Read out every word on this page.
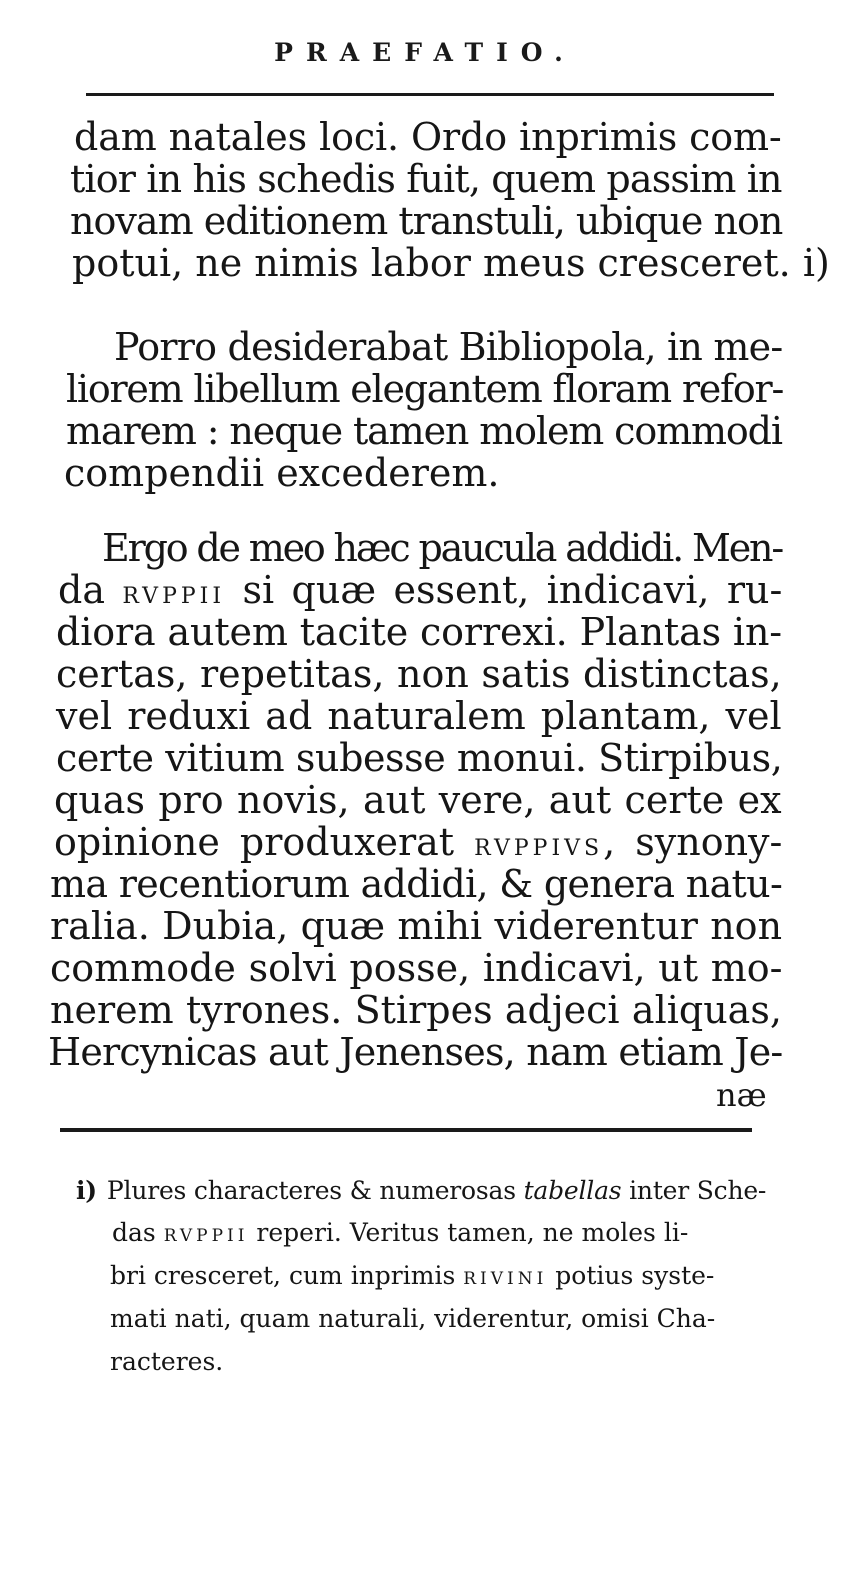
PRAEFATIO.
dam natales loci. Ordo inprimis com-
tior in his schedis fuit, quem passim in
novam editionem transtuli, ubique non
potui, ne nimis labor meus cresceret. i)
Porro desiderabat Bibliopola, in me-
liorem libellum elegantem floram refor-
marem : neque tamen molem commodi
compendii excederem.
Ergo de meo hæc paucula addidi. Men-
da RVPPII si quæ essent, indicavi, ru-
diora autem tacite correxi. Plantas in-
certas, repetitas, non satis distinctas,
vel reduxi ad naturalem plantam, vel
certe vitium subesse monui. Stirpibus,
quas pro novis, aut vere, aut certe ex
opinione produxerat RVPPIVS, synony-
ma recentiorum addidi, & genera natu-
ralia. Dubia, quæ mihi viderentur non
commode solvi posse, indicavi, ut mo-
nerem tyrones. Stirpes adjeci aliquas,
Hercynicas aut Jenenses, nam etiam Je-
næ
i) Plures characteres & numerosas tabellas inter Sche-
das RVPPII reperi. Veritus tamen, ne moles li-
bri cresceret, cum inprimis RIVINI potius syste-
mati nati, quam naturali, viderentur, omisi Cha-
racteres.
